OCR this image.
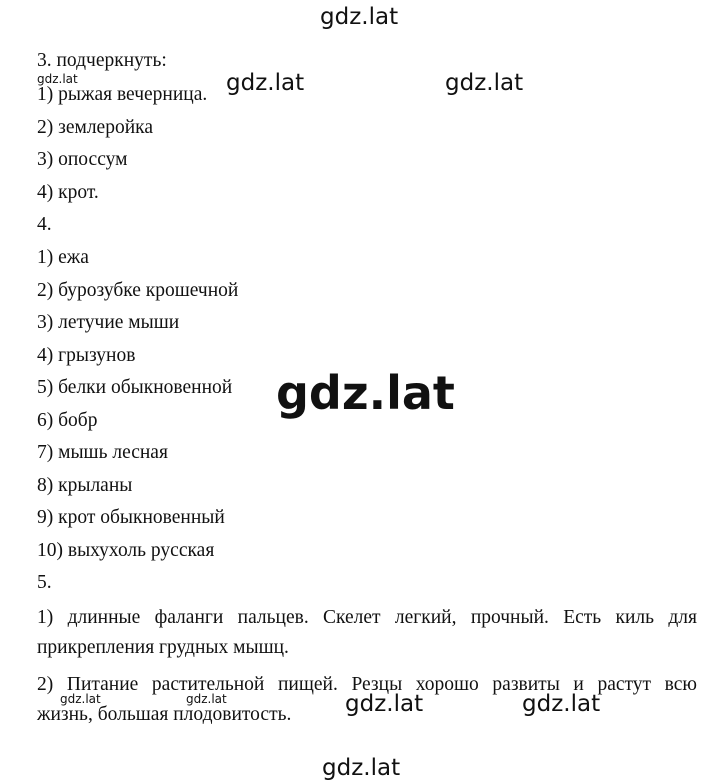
gdz.lat
3. подчеркнуть:
gdz.lat	gdz.lat	gdz.lat
1) рыжая вечерница.
2) землеройка
3) опоссум
4) крот.
4.
1) ежа
2) бурозубке крошечной
3) летучие мыши
4) грызунов
5) белки обыкновенной
6) бобр
7) мышь лесная
8) крыланы
9) крот обыкновенный
10) выхухоль русская
gdz.lat
5.
1) длинные фаланги пальцев. Скелет легкий, прочный. Есть киль для
прикрепления грудных мышц.
2) Питание растительной пищей. Резцы хорошо развиты и растут всю
жизнь, большая плодовитость.
gdz.lat	gdz.lat	gdz.lat	gdz.lat
gdz.lat
